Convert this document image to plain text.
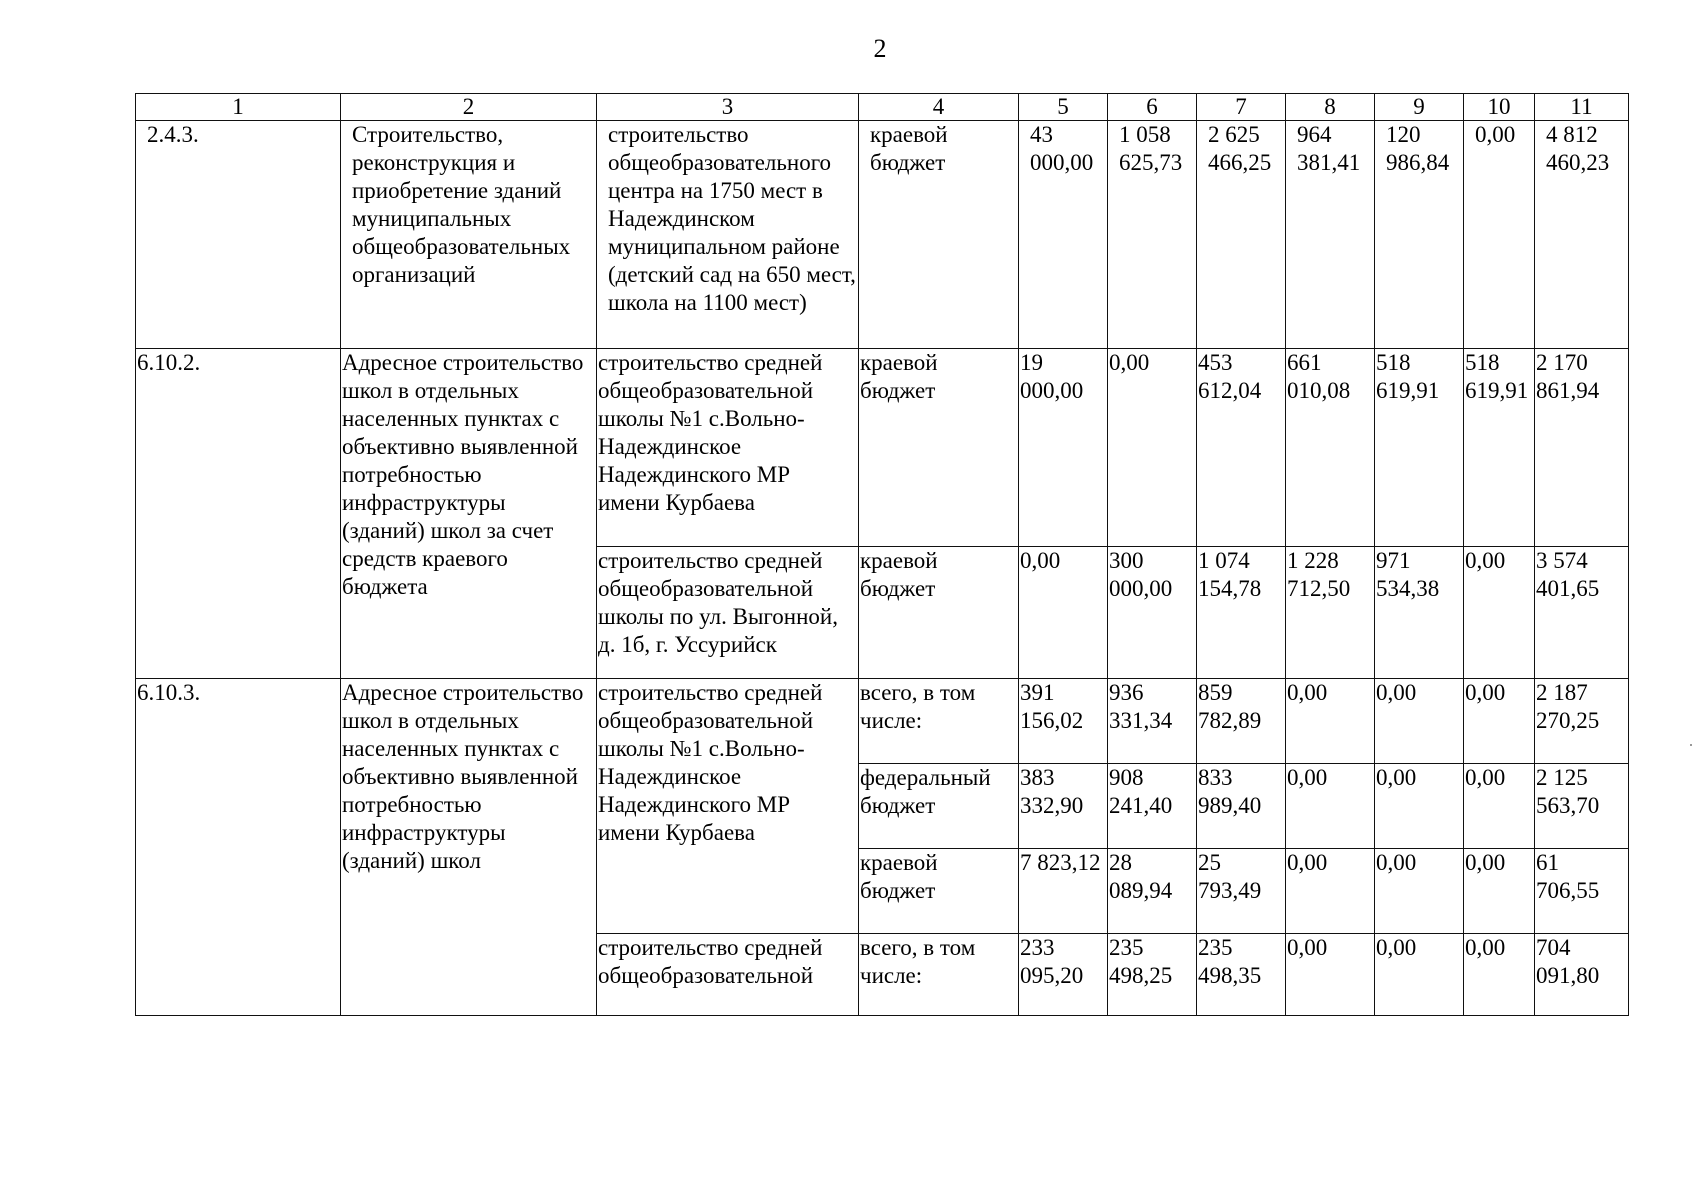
2
1	2	3	4	5	6	7	8	9	10	11
2.4.3.	Строительство, реконструкция и приобретение зданий муниципальных общеобразовательных организаций	строительство общеобразовательного центра на 1750 мест в Надеждинском муниципальном районе (детский сад на 650 мест, школа на 1100 мест)	краевой бюджет	43 000,00	1 058 625,73	2 625 466,25	964 381,41	120 986,84	0,00	4 812 460,23
6.10.2.	Адресное строительство школ в отдельных населенных пунктах с объективно выявленной потребностью инфраструктуры (зданий) школ за счет средств краевого бюджета	строительство средней общеобразовательной школы №1 с.Вольно-Надеждинское Надеждинского МР имени Курбаева	краевой бюджет	19 000,00	0,00	453 612,04	661 010,08	518 619,91	518 619,91	2 170 861,94
		строительство средней общеобразовательной школы по ул. Выгонной, д. 1б, г. Уссурийск	краевой бюджет	0,00	300 000,00	1 074 154,78	1 228 712,50	971 534,38	0,00	3 574 401,65
6.10.3.	Адресное строительство школ в отдельных населенных пунктах с объективно выявленной потребностью инфраструктуры (зданий) школ	строительство средней общеобразовательной школы №1 с.Вольно-Надеждинское Надеждинского МР имени Курбаева	всего, в том числе:	391 156,02	936 331,34	859 782,89	0,00	0,00	0,00	2 187 270,25
			федеральный бюджет	383 332,90	908 241,40	833 989,40	0,00	0,00	0,00	2 125 563,70
			краевой бюджет	7 823,12	28 089,94	25 793,49	0,00	0,00	0,00	61 706,55
		строительство средней общеобразовательной	всего, в том числе:	233 095,20	235 498,25	235 498,35	0,00	0,00	0,00	704 091,80
